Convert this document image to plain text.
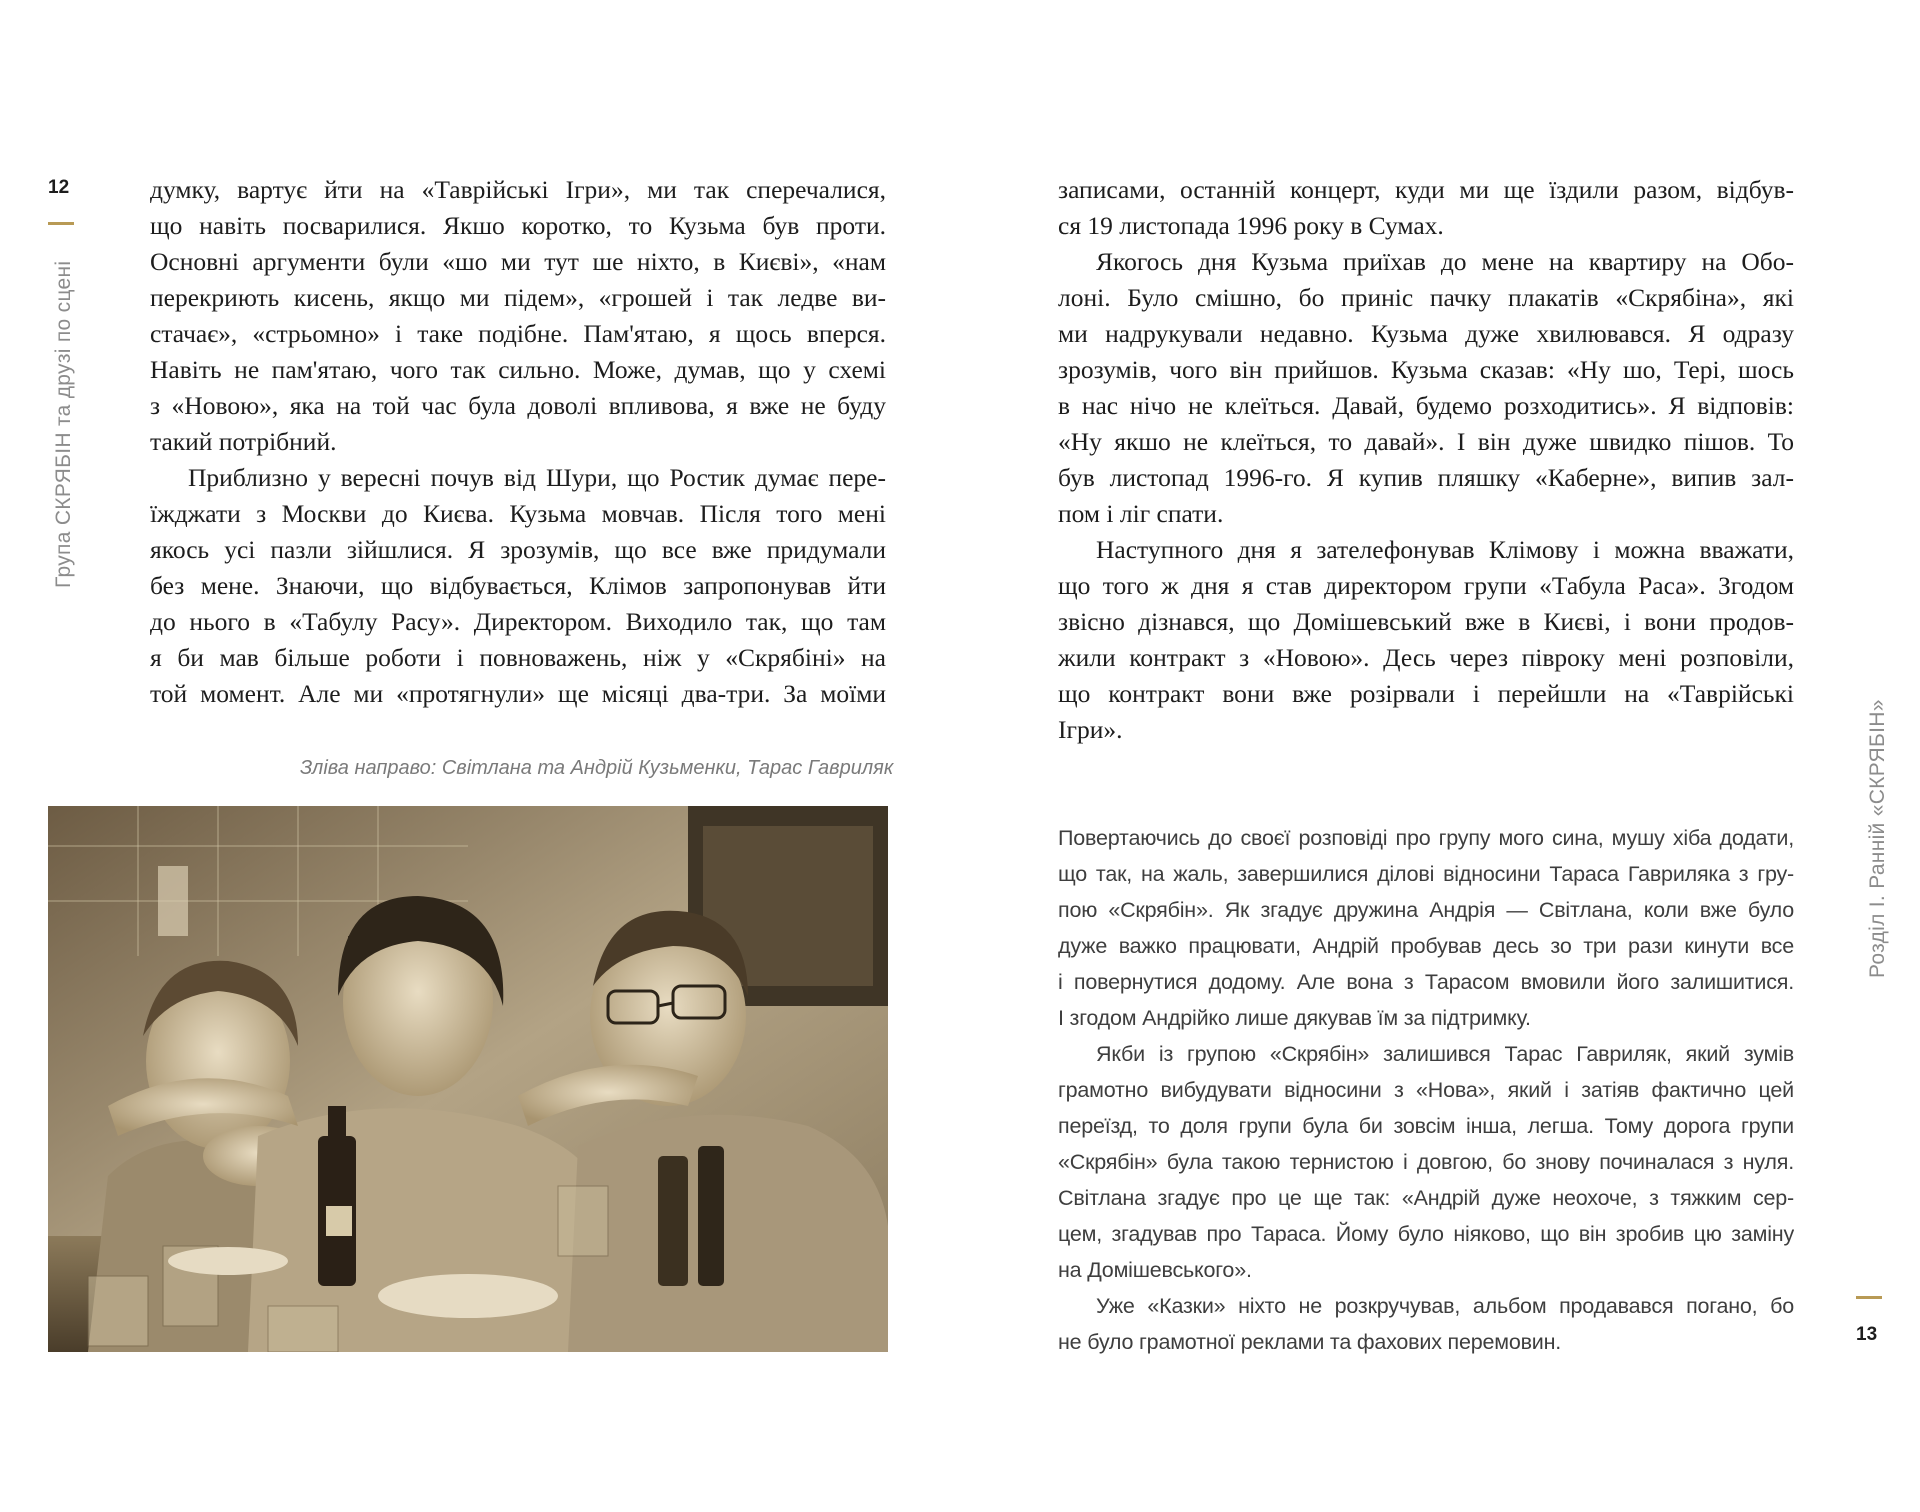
12
Група СКРЯБІН та друзі по сцені
думку, вартує йти на «Таврійські Ігри», ми так сперечалися,
що навіть посварилися. Якшо коротко, то Кузьма був проти.
Основні аргументи були «шо ми тут ше ніхто, в Києві», «нам
перекриють кисень, якщо ми підем», «грошей і так ледве ви-
стачає», «стрьомно» і таке подібне. Пам'ятаю, я щось вперся.
Навіть не пам'ятаю, чого так сильно. Може, думав, що у схемі
з «Новою», яка на той час була доволі впливова, я вже не буду
такий потрібний.
Приблизно у вересні почув від Шури, що Ростик думає пере-
їжджати з Москви до Києва. Кузьма мовчав. Після того мені
якось усі пазли зійшлися. Я зрозумів, що все вже придумали
без мене. Знаючи, що відбувається, Клімов запропонував йти
до нього в «Табулу Расу». Директором. Виходило так, що там
я би мав більше роботи і повноважень, ніж у «Скрябіні» на
той момент. Але ми «протягнули» ще місяці два-три. За моїми
Зліва направо: Світлана та Андрій Кузьменки, Тарас Гавриляк
записами, останній концерт, куди ми ще їздили разом, відбув-
ся 19 листопада 1996 року в Сумах.
Якогось дня Кузьма приїхав до мене на квартиру на Обо-
лоні. Було смішно, бо приніс пачку плакатів «Скрябіна», які
ми надрукували недавно. Кузьма дуже хвилювався. Я одразу
зрозумів, чого він прийшов. Кузьма сказав: «Ну шо, Тері, шось
в нас нічо не клеїться. Давай, будемо розходитись». Я відповів:
«Ну якшо не клеїться, то давай». І він дуже швидко пішов. То
був листопад 1996-го. Я купив пляшку «Каберне», випив зал-
пом і ліг спати.
Наступного дня я зателефонував Клімову і можна вважати,
що того ж дня я став директором групи «Табула Раса». Згодом
звісно дізнався, що Домішевський вже в Києві, і вони продов-
жили контракт з «Новою». Десь через півроку мені розповіли,
що контракт вони вже розірвали і перейшли на «Таврійські
Ігри».
Повертаючись до своєї розповіді про групу мого сина, мушу хіба додати,
що так, на жаль, завершилися ділові відносини Тараса Гавриляка з гру-
пою «Скрябін». Як згадує дружина Андрія — Світлана, коли вже було
дуже важко працювати, Андрій пробував десь зо три рази кинути все
і повернутися додому. Але вона з Тарасом вмовили його залишитися.
І згодом Андрійко лише дякував їм за підтримку.
Якби із групою «Скрябін» залишився Тарас Гавриляк, який зумів
грамотно вибудувати відносини з «Нова», який і затіяв фактично цей
переїзд, то доля групи була би зовсім інша, легша. Тому дорога групи
«Скрябін» була такою тернистою і довгою, бо знову починалася з нуля.
Світлана згадує про це ще так: «Андрій дуже неохоче, з тяжким сер-
цем, згадував про Тараса. Йому було ніяково, що він зробив цю заміну
на Домішевського».
Уже «Казки» ніхто не розкручував, альбом продавався погано, бо
не було грамотної реклами та фахових перемовин.
Розділ І. Ранній «СКРЯБІН»
13
